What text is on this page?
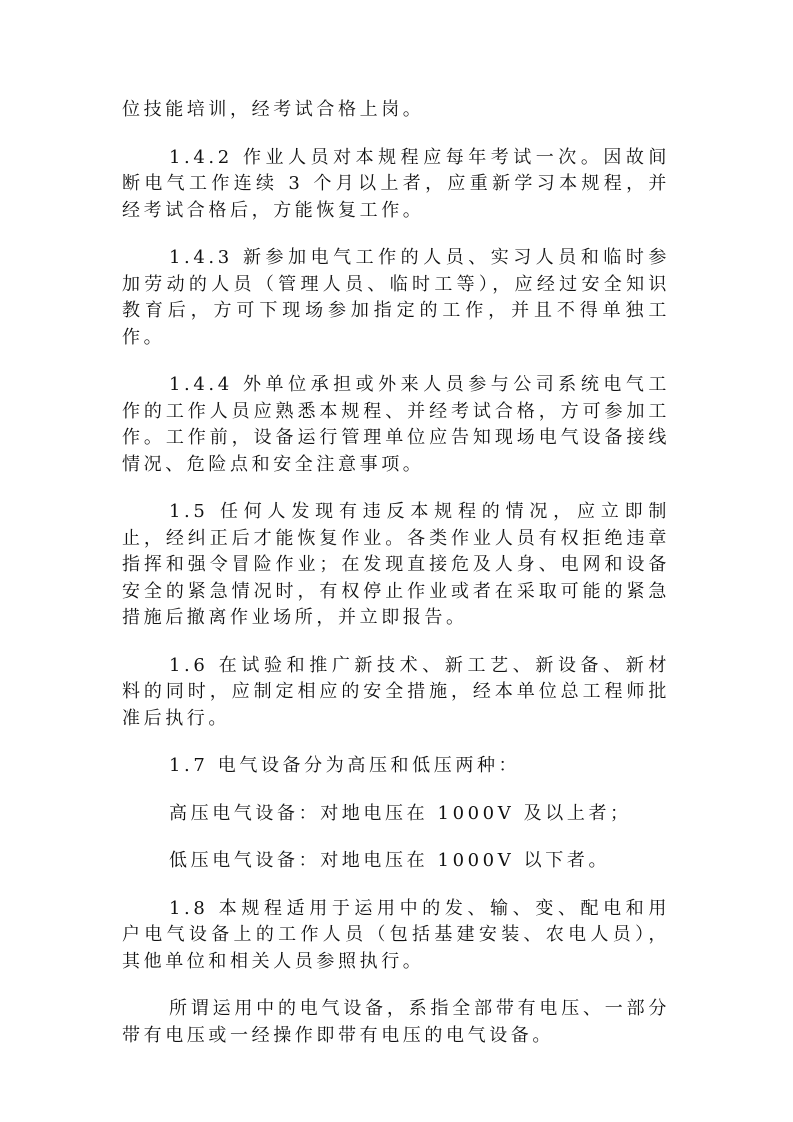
位技能培训，经考试合格上岗。

1.4.2 作业人员对本规程应每年考试一次。因故间断电气工作连续 3 个月以上者，应重新学习本规程，并经考试合格后，方能恢复工作。

1.4.3 新参加电气工作的人员、实习人员和临时参加劳动的人员（管理人员、临时工等），应经过安全知识教育后，方可下现场参加指定的工作，并且不得单独工作。

1.4.4 外单位承担或外来人员参与公司系统电气工作的工作人员应熟悉本规程、并经考试合格，方可参加工作。工作前，设备运行管理单位应告知现场电气设备接线情况、危险点和安全注意事项。

1.5 任何人发现有违反本规程的情况，应立即制止，经纠正后才能恢复作业。各类作业人员有权拒绝违章指挥和强令冒险作业；在发现直接危及人身、电网和设备安全的紧急情况时，有权停止作业或者在采取可能的紧急措施后撤离作业场所，并立即报告。

1.6 在试验和推广新技术、新工艺、新设备、新材料的同时，应制定相应的安全措施，经本单位总工程师批准后执行。

1.7 电气设备分为高压和低压两种：

高压电气设备：对地电压在 1000V 及以上者；

低压电气设备：对地电压在 1000V 以下者。

1.8 本规程适用于运用中的发、输、变、配电和用户电气设备上的工作人员（包括基建安装、农电人员），其他单位和相关人员参照执行。

所谓运用中的电气设备，系指全部带有电压、一部分带有电压或一经操作即带有电压的电气设备。
